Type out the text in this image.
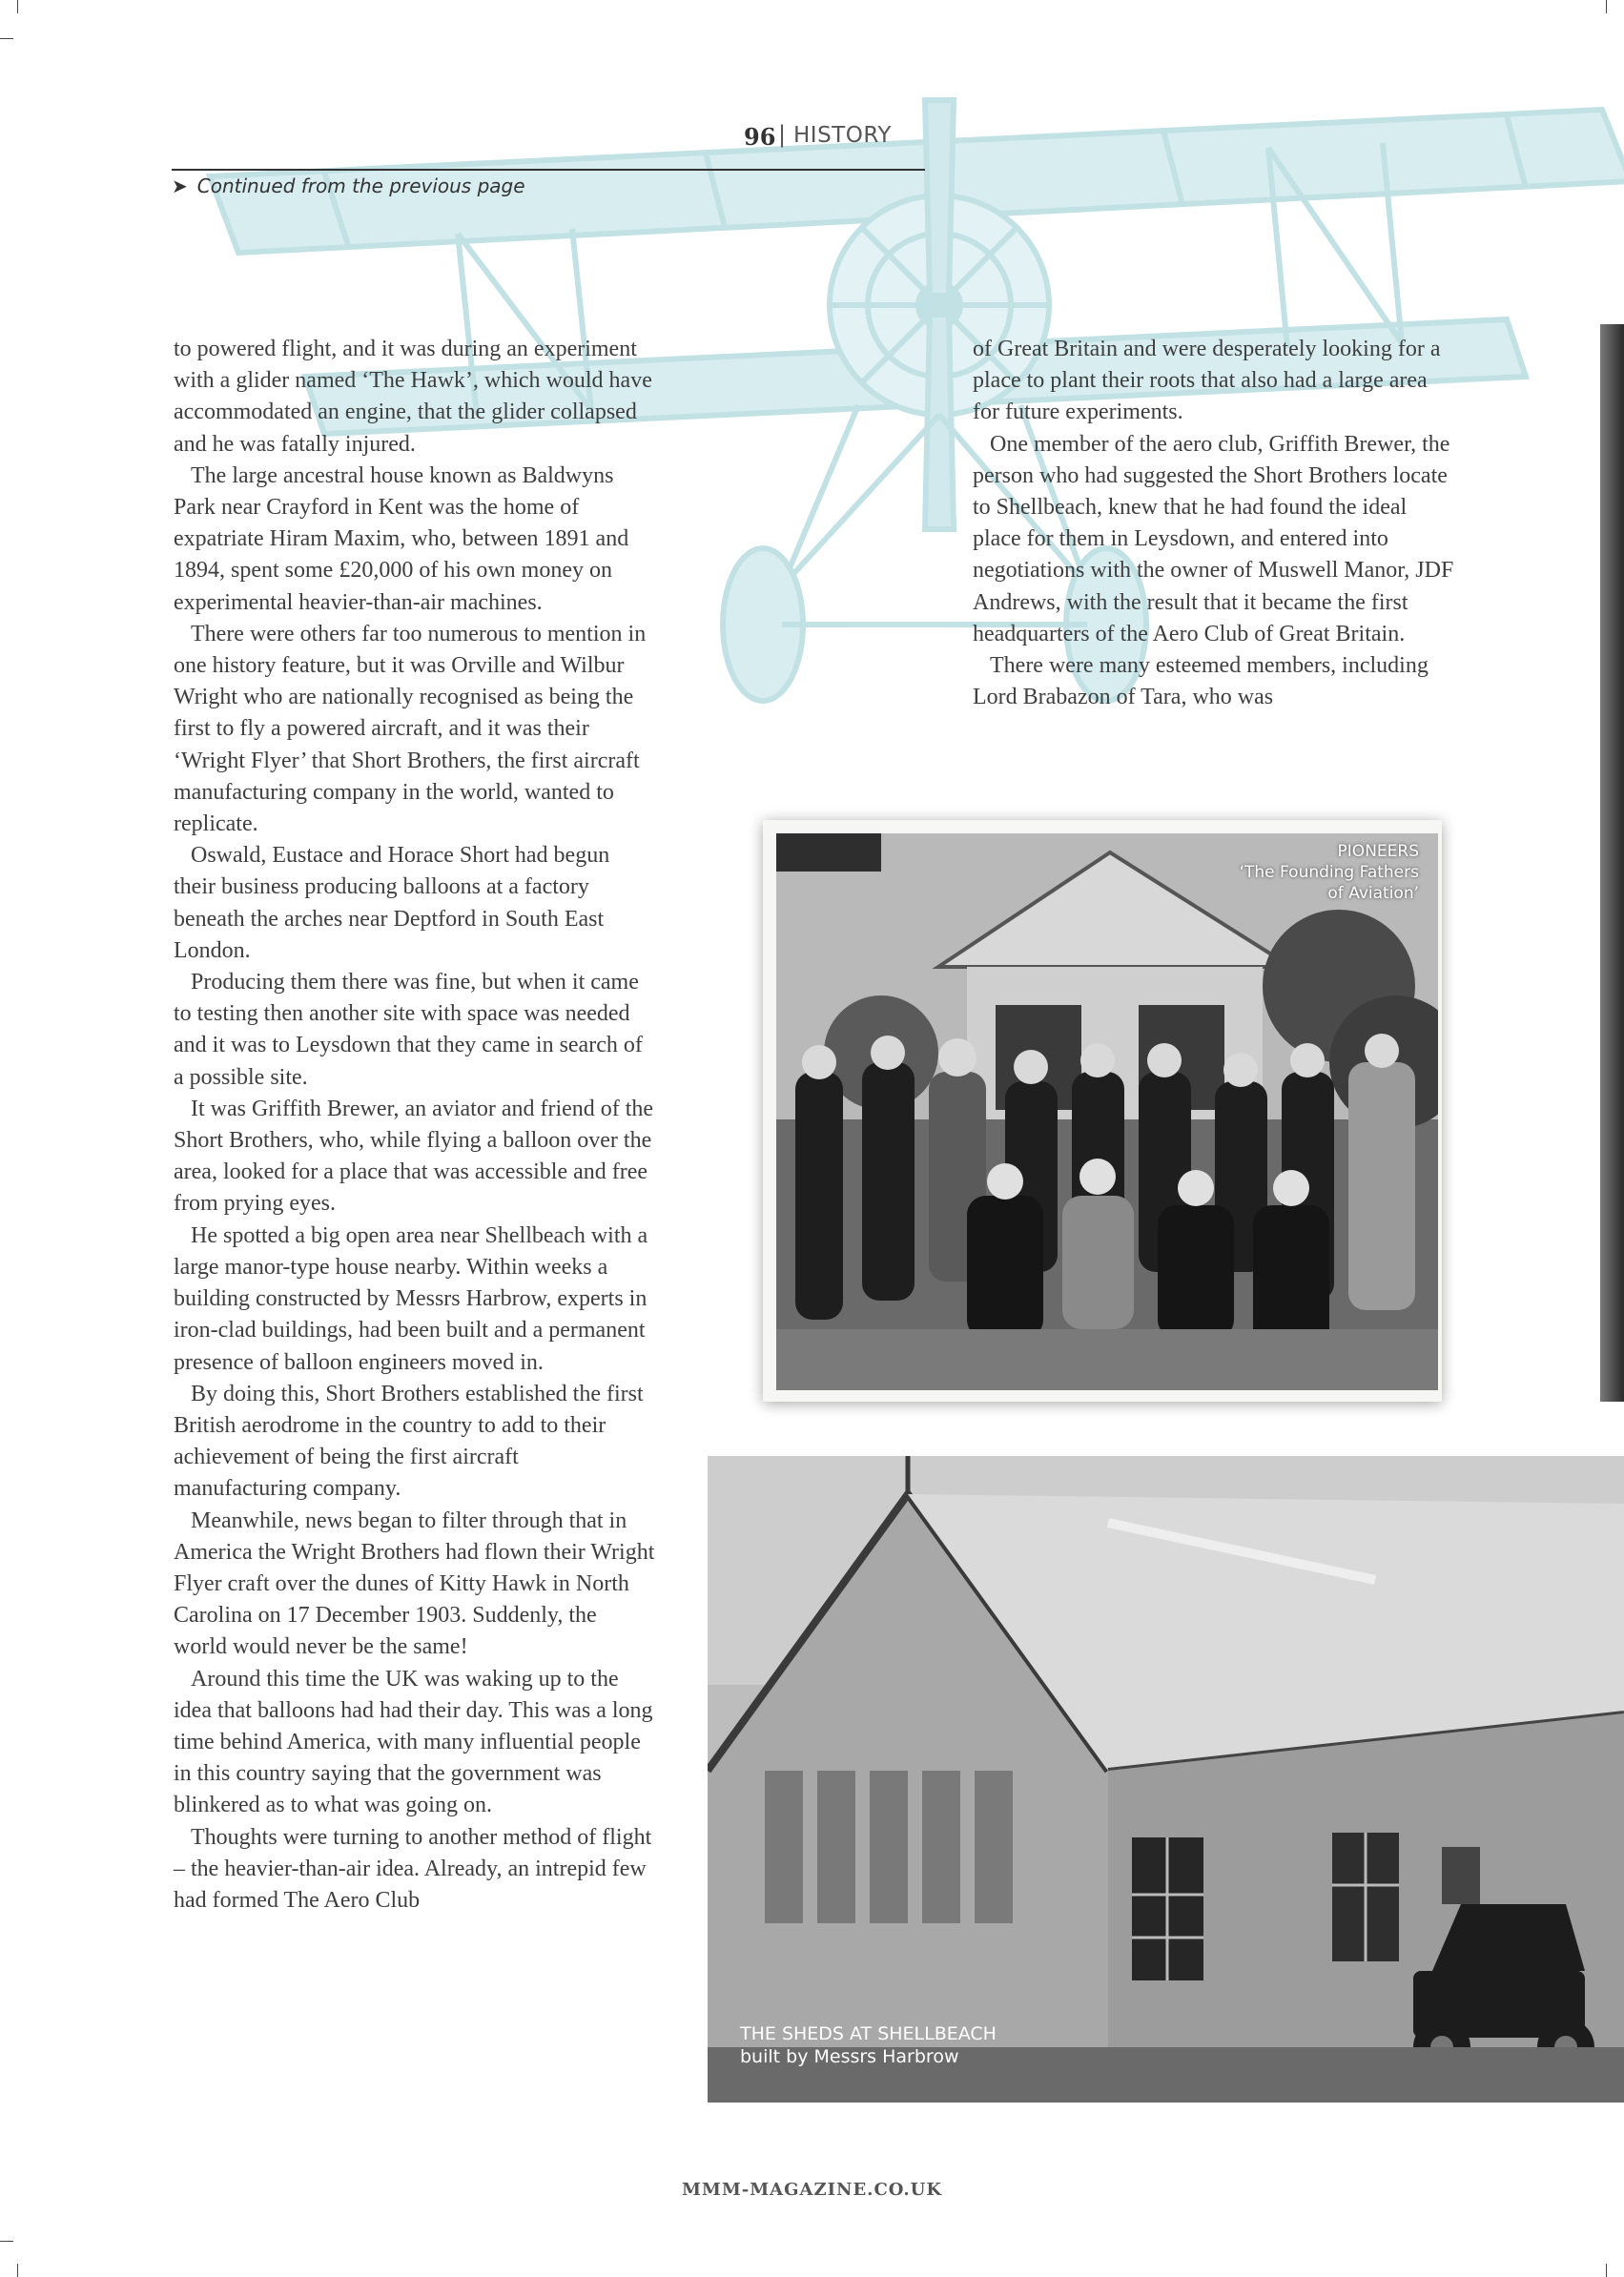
96 | HISTORY
➤ Continued from the previous page

to powered flight, and it was during an experiment with a glider named ‘The Hawk’, which would have accommodated an engine, that the glider collapsed and he was fatally injured.

The large ancestral house known as Baldwyns Park near Crayford in Kent was the home of expatriate Hiram Maxim, who, between 1891 and 1894, spent some £20,000 of his own money on experimental heavier-than-air machines.

There were others far too numerous to mention in one history feature, but it was Orville and Wilbur Wright who are nationally recognised as being the first to fly a powered aircraft, and it was their ‘Wright Flyer’ that Short Brothers, the first aircraft manufacturing company in the world, wanted to replicate.

Oswald, Eustace and Horace Short had begun their business producing balloons at a factory beneath the arches near Deptford in South East London.

Producing them there was fine, but when it came to testing then another site with space was needed and it was to Leysdown that they came in search of a possible site.

It was Griffith Brewer, an aviator and friend of the Short Brothers, who, while flying a balloon over the area, looked for a place that was accessible and free from prying eyes.

He spotted a big open area near Shellbeach with a large manor-type house nearby. Within weeks a building constructed by Messrs Harbrow, experts in iron-clad buildings, had been built and a permanent presence of balloon engineers moved in.

By doing this, Short Brothers established the first British aerodrome in the country to add to their achievement of being the first aircraft manufacturing company.

Meanwhile, news began to filter through that in America the Wright Brothers had flown their Wright Flyer craft over the dunes of Kitty Hawk in North Carolina on 17 December 1903. Suddenly, the world would never be the same!

Around this time the UK was waking up to the idea that balloons had had their day. This was a long time behind America, with many influential people in this country saying that the government was blinkered as to what was going on.

Thoughts were turning to another method of flight – the heavier-than-air idea. Already, an intrepid few had formed The Aero Club

of Great Britain and were desperately looking for a place to plant their roots that also had a large area for future experiments.

One member of the aero club, Griffith Brewer, the person who had suggested the Short Brothers locate to Shellbeach, knew that he had found the ideal place for them in Leysdown, and entered into negotiations with the owner of Muswell Manor, JDF Andrews, with the result that it became the first headquarters of the Aero Club of Great Britain.

There were many esteemed members, including Lord Brabazon of Tara, who was

PIONEERS
‘The Founding Fathers
of Aviation’
THE SHEDS AT SHELLBEACH
built by Messrs Harbrow
MMM-MAGAZINE.CO.UK
